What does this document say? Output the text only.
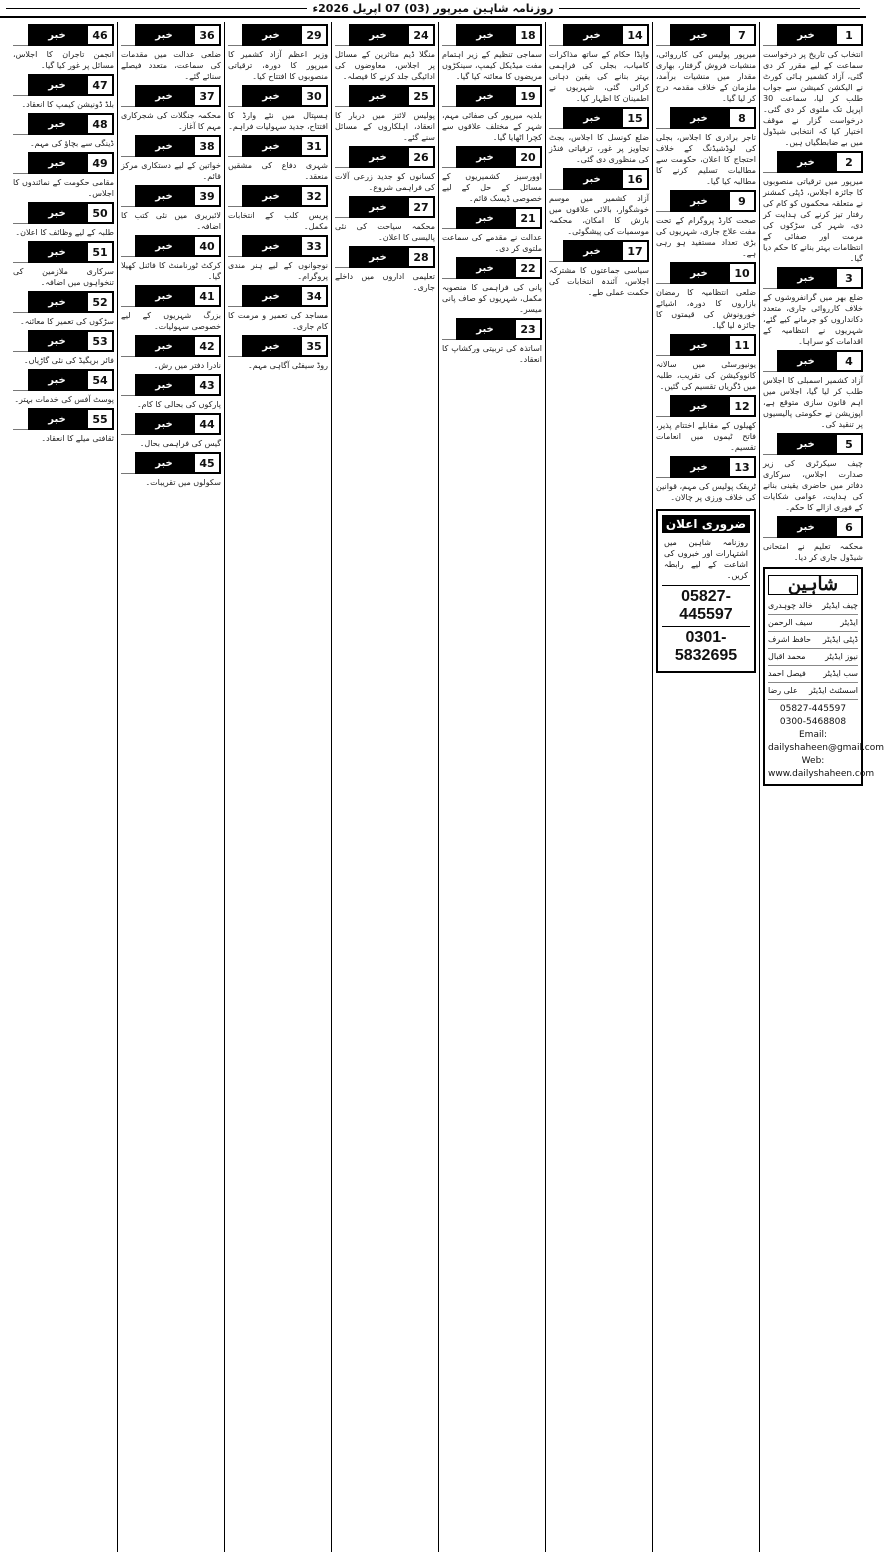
روزنامہ شاہین میرپور

(03)

07 اپریل 2026ء
1
خبر
انتخاب کی تاریخ پر درخواست سماعت کے لیے مقرر کر دی گئی، آزاد کشمیر ہائی کورٹ نے الیکشن کمیشن سے جواب طلب کر لیا، سماعت 30 اپریل تک ملتوی کر دی گئی۔ درخواست گزار نے موقف اختیار کیا کہ انتخابی شیڈول میں بے ضابطگیاں ہیں۔
2
خبر
میرپور میں ترقیاتی منصوبوں کا جائزہ اجلاس، ڈپٹی کمشنر نے متعلقہ محکموں کو کام کی رفتار تیز کرنے کی ہدایت کر دی، شہر کی سڑکوں کی مرمت اور صفائی کے انتظامات بہتر بنانے کا حکم دیا گیا۔
3
خبر
ضلع بھر میں گرانفروشوں کے خلاف کارروائی جاری، متعدد دکانداروں کو جرمانے کیے گئے، شہریوں نے انتظامیہ کے اقدامات کو سراہا۔
4
خبر
آزاد کشمیر اسمبلی کا اجلاس طلب کر لیا گیا، اجلاس میں اہم قانون سازی متوقع ہے، اپوزیشن نے حکومتی پالیسیوں پر تنقید کی۔
5
خبر
چیف سیکرٹری کی زیر صدارت اجلاس، سرکاری دفاتر میں حاضری یقینی بنانے کی ہدایت، عوامی شکایات کے فوری ازالے کا حکم۔
6
خبر
محکمہ تعلیم نے امتحانی شیڈول جاری کر دیا۔
شاہین
چیف ایڈیٹر
خالد چوہدری
ایڈیٹر
سیف الرحمن
ڈپٹی ایڈیٹر
حافظ اشرف
نیوز ایڈیٹر
محمد اقبال
سب ایڈیٹر
فیصل احمد
اسسٹنٹ ایڈیٹر
علی رضا
05827-445597
0300-5468808
Email: dailyshaheen@gmail.com
Web: www.dailyshaheen.com
7
خبر
میرپور پولیس کی کارروائی، منشیات فروش گرفتار، بھاری مقدار میں منشیات برآمد، ملزمان کے خلاف مقدمہ درج کر لیا گیا۔
8
خبر
تاجر برادری کا اجلاس، بجلی کی لوڈشیڈنگ کے خلاف احتجاج کا اعلان، حکومت سے مطالبات تسلیم کرنے کا مطالبہ کیا گیا۔
9
خبر
صحت کارڈ پروگرام کے تحت مفت علاج جاری، شہریوں کی بڑی تعداد مستفید ہو رہی ہے۔
10
خبر
ضلعی انتظامیہ کا رمضان بازاروں کا دورہ، اشیائے خورونوش کی قیمتوں کا جائزہ لیا گیا۔
11
خبر
یونیورسٹی میں سالانہ کانووکیشن کی تقریب، طلبہ میں ڈگریاں تقسیم کی گئیں۔
12
خبر
کھیلوں کے مقابلے اختتام پذیر، فاتح ٹیموں میں انعامات تقسیم۔
13
خبر
ٹریفک پولیس کی مہم، قوانین کی خلاف ورزی پر چالان۔
ضروری اعلان
روزنامہ شاہین میں اشتہارات اور خبروں کی اشاعت کے لیے رابطہ کریں۔
05827-445597
0301-5832695
14
خبر
واپڈا حکام کے ساتھ مذاکرات کامیاب، بجلی کی فراہمی بہتر بنانے کی یقین دہانی کرائی گئی، شہریوں نے اطمینان کا اظہار کیا۔
15
خبر
ضلع کونسل کا اجلاس، بجٹ تجاویز پر غور، ترقیاتی فنڈز کی منظوری دی گئی۔
16
خبر
آزاد کشمیر میں موسم خوشگوار، بالائی علاقوں میں بارش کا امکان، محکمہ موسمیات کی پیشگوئی۔
17
خبر
سیاسی جماعتوں کا مشترکہ اجلاس، آئندہ انتخابات کی حکمت عملی طے۔
18
خبر
سماجی تنظیم کے زیر اہتمام مفت میڈیکل کیمپ، سینکڑوں مریضوں کا معائنہ کیا گیا۔
19
خبر
بلدیہ میرپور کی صفائی مہم، شہر کے مختلف علاقوں سے کچرا اٹھایا گیا۔
20
خبر
اوورسیز کشمیریوں کے مسائل کے حل کے لیے خصوصی ڈیسک قائم۔
21
خبر
عدالت نے مقدمے کی سماعت ملتوی کر دی۔
22
خبر
پانی کی فراہمی کا منصوبہ مکمل، شہریوں کو صاف پانی میسر۔
23
خبر
اساتذہ کی تربیتی ورکشاپ کا انعقاد۔
24
خبر
منگلا ڈیم متاثرین کے مسائل پر اجلاس، معاوضوں کی ادائیگی جلد کرنے کا فیصلہ۔
25
خبر
پولیس لائنز میں دربار کا انعقاد، اہلکاروں کے مسائل سنے گئے۔
26
خبر
کسانوں کو جدید زرعی آلات کی فراہمی شروع۔
27
خبر
محکمہ سیاحت کی نئی پالیسی کا اعلان۔
28
خبر
تعلیمی اداروں میں داخلے جاری۔
29
خبر
وزیر اعظم آزاد کشمیر کا میرپور کا دورہ، ترقیاتی منصوبوں کا افتتاح کیا۔
30
خبر
ہسپتال میں نئے وارڈ کا افتتاح، جدید سہولیات فراہم۔
31
خبر
شہری دفاع کی مشقیں منعقد۔
32
خبر
پریس کلب کے انتخابات مکمل۔
33
خبر
نوجوانوں کے لیے ہنر مندی پروگرام۔
34
خبر
مساجد کی تعمیر و مرمت کا کام جاری۔
35
خبر
روڈ سیفٹی آگاہی مہم۔
36
خبر
ضلعی عدالت میں مقدمات کی سماعت، متعدد فیصلے سنائے گئے۔
37
خبر
محکمہ جنگلات کی شجرکاری مہم کا آغاز۔
38
خبر
خواتین کے لیے دستکاری مرکز قائم۔
39
خبر
لائبریری میں نئی کتب کا اضافہ۔
40
خبر
کرکٹ ٹورنامنٹ کا فائنل کھیلا گیا۔
41
خبر
بزرگ شہریوں کے لیے خصوصی سہولیات۔
42
خبر
نادرا دفتر میں رش۔
43
خبر
پارکوں کی بحالی کا کام۔
44
خبر
گیس کی فراہمی بحال۔
45
خبر
سکولوں میں تقریبات۔
46
خبر
انجمن تاجران کا اجلاس، مسائل پر غور کیا گیا۔
47
خبر
بلڈ ڈونیشن کیمپ کا انعقاد۔
48
خبر
ڈینگی سے بچاؤ کی مہم۔
49
خبر
مقامی حکومت کے نمائندوں کا اجلاس۔
50
خبر
طلبہ کے لیے وظائف کا اعلان۔
51
خبر
سرکاری ملازمین کی تنخواہوں میں اضافہ۔
52
خبر
سڑکوں کی تعمیر کا معائنہ۔
53
خبر
فائر بریگیڈ کی نئی گاڑیاں۔
54
خبر
پوسٹ آفس کی خدمات بہتر۔
55
خبر
ثقافتی میلے کا انعقاد۔
